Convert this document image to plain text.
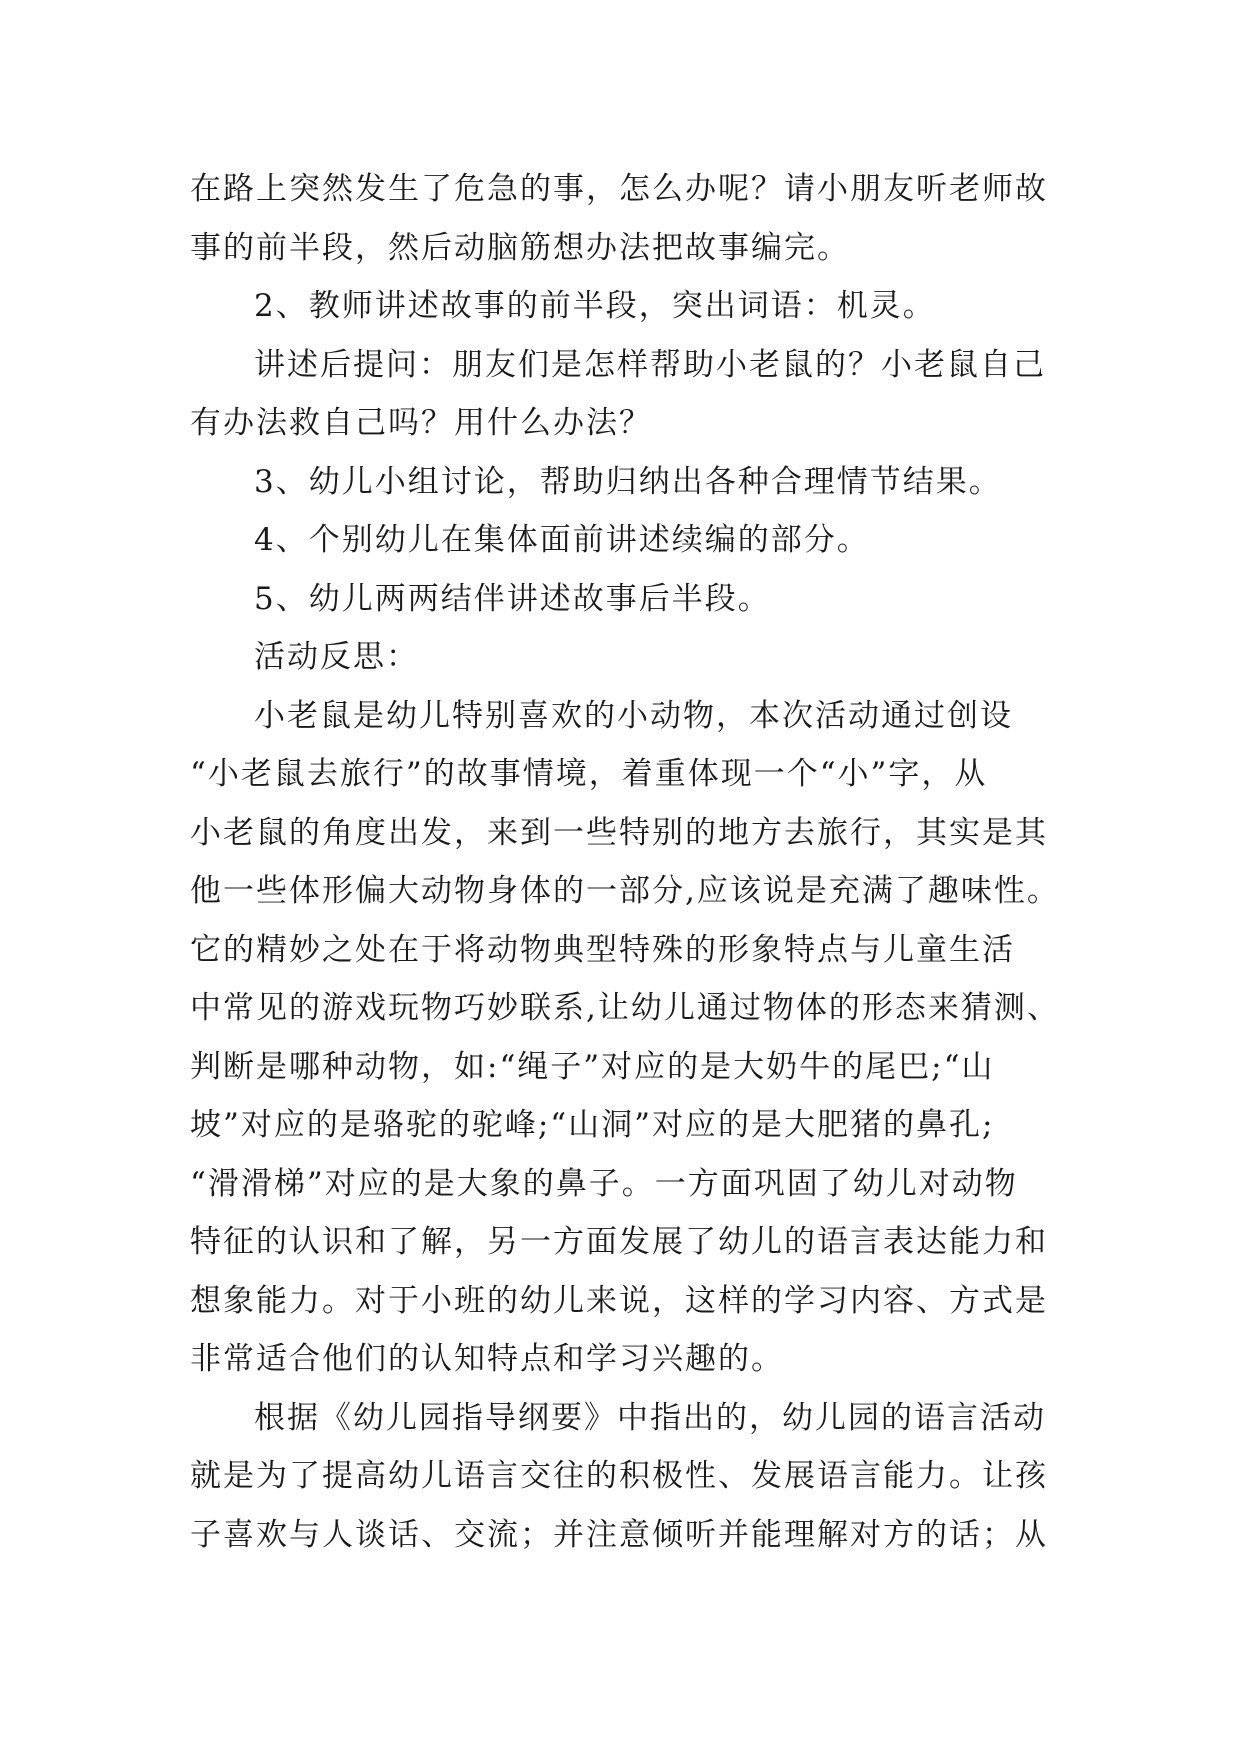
在路上突然发生了危急的事，怎么办呢？请小朋友听老师故
事的前半段，然后动脑筋想办法把故事编完。
2、教师讲述故事的前半段，突出词语：机灵。
讲述后提问：朋友们是怎样帮助小老鼠的？小老鼠自己
有办法救自己吗？用什么办法？
3、幼儿小组讨论，帮助归纳出各种合理情节结果。
4、个别幼儿在集体面前讲述续编的部分。
5、幼儿两两结伴讲述故事后半段。
活动反思：
小老鼠是幼儿特别喜欢的小动物，本次活动通过创设
“小老鼠去旅行”的故事情境，着重体现一个“小”字，从
小老鼠的角度出发，来到一些特别的地方去旅行，其实是其
他一些体形偏大动物身体的一部分,应该说是充满了趣味性。
它的精妙之处在于将动物典型特殊的形象特点与儿童生活
中常见的游戏玩物巧妙联系,让幼儿通过物体的形态来猜测、
判断是哪种动物，如:“绳子”对应的是大奶牛的尾巴;“山
坡”对应的是骆驼的驼峰;“山洞”对应的是大肥猪的鼻孔;
“滑滑梯”对应的是大象的鼻子。一方面巩固了幼儿对动物
特征的认识和了解，另一方面发展了幼儿的语言表达能力和
想象能力。对于小班的幼儿来说，这样的学习内容、方式是
非常适合他们的认知特点和学习兴趣的。
根据《幼儿园指导纲要》中指出的，幼儿园的语言活动
就是为了提高幼儿语言交往的积极性、发展语言能力。让孩
子喜欢与人谈话、交流；并注意倾听并能理解对方的话；从
